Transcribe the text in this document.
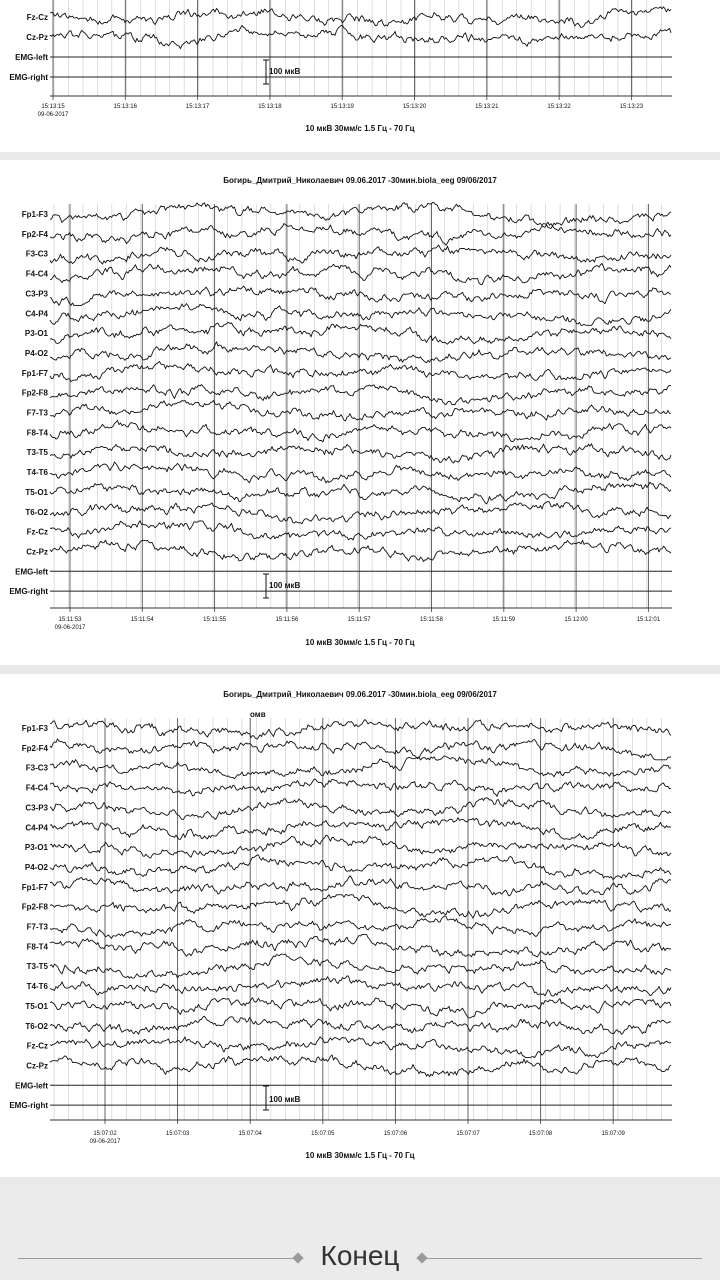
15:13:15
09-06-2017
15:13:16	15:13:17	15:13:18	15:13:19	15:13:20	15:13:21	15:13:22	15:13:23
Fz-Cz
Cz-Pz
EMG-left
EMG-right
100 мкВ
10 мкВ 30мм/с 1.5 Гц - 70 Гц
Богирь_Дмитрий_Николаевич 09.06.2017 -30мин.biola_eeg 09/06/2017
15:11:53
09-06-2017
15:11:54	15:11:55	15:11:56	15:11:57	15:11:58	15:11:59	15:12:00	15:12:01
Fp1-F3
Fp2-F4
F3-C3
F4-C4
C3-P3
C4-P4
P3-O1
P4-O2
Fp1-F7
Fp2-F8
F7-T3
F8-T4
T3-T5
T4-T6
T5-O1
T6-O2
Fz-Cz
Cz-Pz
EMG-left
EMG-right
100 мкВ
10 мкВ 30мм/с 1.5 Гц - 70 Гц
Богирь_Дмитрий_Николаевич 09.06.2017 -30мин.biola_eeg 09/06/2017
омв
15:07:02
09-06-2017
15:07:03	15:07:04	15:07:05	15:07:06	15:07:07	15:07:08	15:07:09
Fp1-F3
Fp2-F4
F3-C3
F4-C4
C3-P3
C4-P4
P3-O1
P4-O2
Fp1-F7
Fp2-F8
F7-T3
F8-T4
T3-T5
T4-T6
T5-O1
T6-O2
Fz-Cz
Cz-Pz
EMG-left
EMG-right
100 мкВ
10 мкВ 30мм/с 1.5 Гц - 70 Гц
Конец
